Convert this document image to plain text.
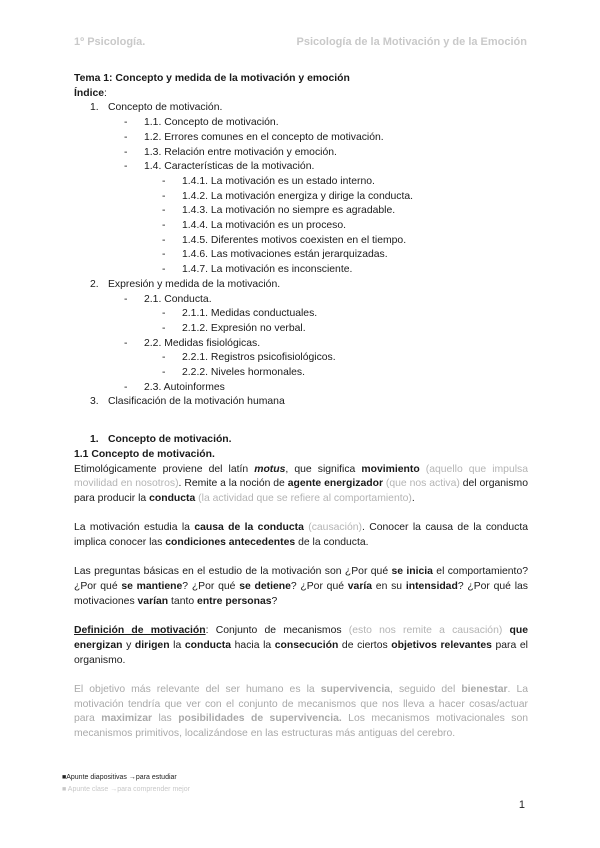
1º Psicología.	Psicología de la Motivación y de la Emoción
Tema 1: Concepto y medida de la motivación y emoción
Índice:
1. Concepto de motivación.
-	1.1. Concepto de motivación.
-	1.2. Errores comunes en el concepto de motivación.
-	1.3. Relación entre motivación y emoción.
-	1.4. Características de la motivación.
-	1.4.1. La motivación es un estado interno.
-	1.4.2. La motivación energiza y dirige la conducta.
-	1.4.3. La motivación no siempre es agradable.
-	1.4.4. La motivación es un proceso.
-	1.4.5. Diferentes motivos coexisten en el tiempo.
-	1.4.6. Las motivaciones están jerarquizadas.
-	1.4.7. La motivación es inconsciente.
2. Expresión y medida de la motivación.
-	2.1. Conducta.
-	2.1.1. Medidas conductuales.
-	2.1.2. Expresión no verbal.
-	2.2. Medidas fisiológicas.
-	2.2.1. Registros psicofisiológicos.
-	2.2.2. Niveles hormonales.
-	2.3. Autoinformes
3. Clasificación de la motivación humana
1. Concepto de motivación.
1.1 Concepto de motivación.

Etimológicamente proviene del latín motus, que significa movimiento (aquello que impulsa movilidad en nosotros). Remite a la noción de agente energizador (que nos activa) del organismo para producir la conducta (la actividad que se refiere al comportamiento).

La motivación estudia la causa de la conducta (causación). Conocer la causa de la conducta implica conocer las condiciones antecedentes de la conducta.

Las preguntas básicas en el estudio de la motivación son ¿Por qué se inicia el comportamiento? ¿Por qué se mantiene? ¿Por qué se detiene? ¿Por qué varía en su intensidad? ¿Por qué las motivaciones varían tanto entre personas?

Definición de motivación: Conjunto de mecanismos (esto nos remite a causación) que energizan y dirigen la conducta hacia la consecución de ciertos objetivos relevantes para el organismo.

El objetivo más relevante del ser humano es la supervivencia, seguido del bienestar. La motivación tendría que ver con el conjunto de mecanismos que nos lleva a hacer cosas/actuar para maximizar las posibilidades de supervivencia. Los mecanismos motivacionales son mecanismos primitivos, localizándose en las estructuras más antiguas del cerebro.

■Apunte diapositivas →para estudiar
■ Apunte clase →para comprender mejor
1
